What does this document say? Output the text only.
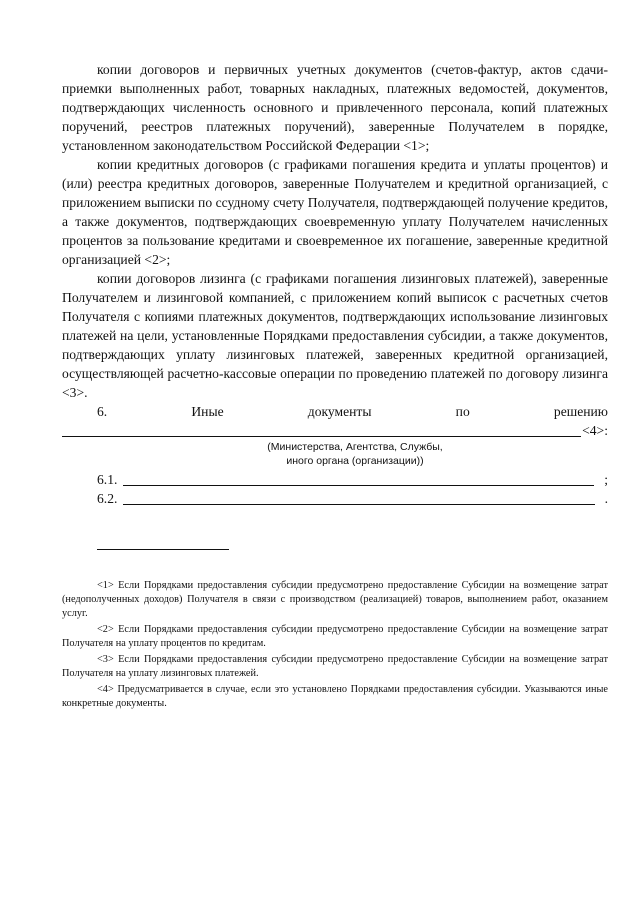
копии договоров и первичных учетных документов (счетов-фактур, актов сдачи-приемки выполненных работ, товарных накладных, платежных ведомостей, документов, подтверждающих численность основного и привлеченного персонала, копий платежных поручений, реестров платежных поручений), заверенные Получателем в порядке, установленном законодательством Российской Федерации <1>;

копии кредитных договоров (с графиками погашения кредита и уплаты процентов) и (или) реестра кредитных договоров, заверенные Получателем и кредитной организацией, с приложением выписки по ссудному счету Получателя, подтверждающей получение кредитов, а также документов, подтверждающих своевременную уплату Получателем начисленных процентов за пользование кредитами и своевременное их погашение, заверенные кредитной организацией <2>;

копии договоров лизинга (с графиками погашения лизинговых платежей), заверенные Получателем и лизинговой компанией, с приложением копий выписок с расчетных счетов Получателя с копиями платежных документов, подтверждающих использование лизинговых платежей на цели, установленные Порядками предоставления субсидии, а также документов, подтверждающих уплату лизинговых платежей, заверенных кредитной организацией, осуществляющей расчетно-кассовые операции по проведению платежей по договору лизинга <3>.

6.	Иные	документы	по	решению
<4>:
(Министерства, Агентства, Службы,
иного органа (организации))
6.1.	;
6.2.	.

<1> Если Порядками предоставления субсидии предусмотрено предоставление Субсидии на возмещение затрат (недополученных доходов) Получателя в связи с производством (реализацией) товаров, выполнением работ, оказанием услуг.

<2> Если Порядками предоставления субсидии предусмотрено предоставление Субсидии на возмещение затрат Получателя на уплату процентов по кредитам.

<3> Если Порядками предоставления субсидии предусмотрено предоставление Субсидии на возмещение затрат Получателя на уплату лизинговых платежей.

<4> Предусматривается в случае, если это установлено Порядками предоставления субсидии. Указываются иные конкретные документы.
